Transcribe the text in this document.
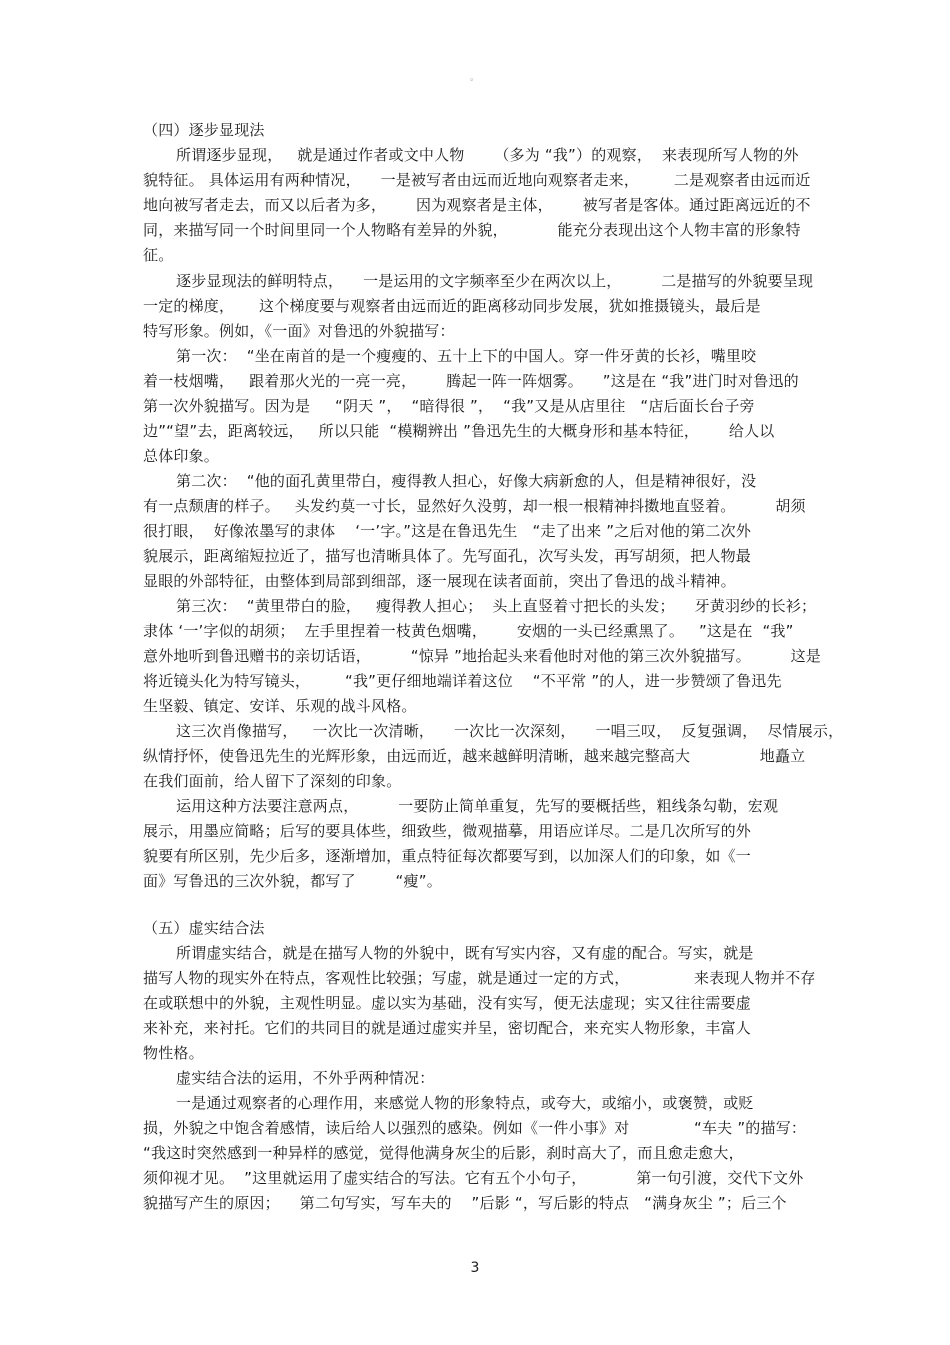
。
（四）逐步显现法
所谓逐步显现，   就是通过作者或文中人物      （多为 “我”）的观察，  来表现所写人物的外
貌特征。 具体运用有两种情况，    一是被写者由远而近地向观察者走来，       二是观察者由远而近
地向被写者走去，而又以后者为多，      因为观察者是主体，      被写者是客体。通过距离远近的不
同，来描写同一个时间里同一个人物略有差异的外貌，          能充分表现出这个人物丰富的形象特
征。
逐步显现法的鲜明特点，    一是运用的文字频率至少在两次以上，        二是描写的外貌要呈现
一定的梯度，     这个梯度要与观察者由远而近的距离移动同步发展，犹如推摄镜头，最后是
特写形象。例如，《一面》对鲁迅的外貌描写：
第一次：  “坐在南首的是一个瘦瘦的、五十上下的中国人。穿一件牙黄的长衫，嘴里咬
着一枝烟嘴，   跟着那火光的一亮一亮，      腾起一阵一阵烟雾。    ”这是在 “我”进门时对鲁迅的
第一次外貌描写。因为是     “阴天 ”，  “暗得很 ”，  “我”又是从店里往   “店后面长台子旁
边”“望”去，距离较远，   所以只能  “模糊辨出 ”鲁迅先生的大概身形和基本特征，      给人以
总体印象。
第二次：  “他的面孔黄里带白，瘦得教人担心，好像大病新愈的人，但是精神很好，没
有一点颓唐的样子。   头发约莫一寸长，显然好久没剪，却一根一根精神抖擞地直竖着。        胡须
很打眼，  好像浓墨写的隶体    ‘一’字。”这是在鲁迅先生   “走了出来 ”之后对他的第二次外
貌展示，距离缩短拉近了，描写也清晰具体了。先写面孔，次写头发，再写胡须，把人物最
显眼的外部特征，由整体到局部到细部，逐一展现在读者面前，突出了鲁迅的战斗精神。
第三次：  “黄里带白的脸，   瘦得教人担心；  头上直竖着寸把长的头发；    牙黄羽纱的长衫；
隶体 ‘一’字似的胡须；  左手里捏着一枝黄色烟嘴，      安烟的一头已经熏黑了。   ”这是在  “我”
意外地听到鲁迅赠书的亲切话语，        “惊异 ”地抬起头来看他时对他的第三次外貌描写。        这是
将近镜头化为特写镜头，       “我”更仔细地端详着这位    “不平常 ”的人，进一步赞颂了鲁迅先
生坚毅、镇定、安详、乐观的战斗风格。
这三次肖像描写，   一次比一次清晰，    一次比一次深刻，    一唱三叹，  反复强调，  尽情展示，
纵情抒怀，使鲁迅先生的光辉形象，由远而近，越来越鲜明清晰，越来越完整高大              地矗立
在我们面前，给人留下了深刻的印象。
运用这种方法要注意两点，        一要防止简单重复，先写的要概括些，粗线条勾勒，宏观
展示，用墨应简略；后写的要具体些，细致些，微观描摹，用语应详尽。二是几次所写的外
貌要有所区别，先少后多，逐渐增加，重点特征每次都要写到，以加深人们的印象，如《一
面》写鲁迅的三次外貌，都写了        “瘦”。
（五）虚实结合法
所谓虚实结合，就是在描写人物的外貌中，既有写实内容，又有虚的配合。写实，就是
描写人物的现实外在特点，客观性比较强；写虚，就是通过一定的方式，             来表现人物并不存
在或联想中的外貌，主观性明显。虚以实为基础，没有实写，便无法虚现；实又往往需要虚
来补充，来衬托。它们的共同目的就是通过虚实并呈，密切配合，来充实人物形象，丰富人
物性格。
虚实结合法的运用，不外乎两种情况：
一是通过观察者的心理作用，来感觉人物的形象特点，或夸大，或缩小，或褒赞，或贬
损，外貌之中饱含着感情，读后给人以强烈的感染。例如《一件小事》对             “车夫 ”的描写：
“我这时突然感到一种异样的感觉，觉得他满身灰尘的后影，刹时高大了，而且愈走愈大，
须仰视才见。  ”这里就运用了虚实结合的写法。它有五个小句子，          第一句引渡，交代下文外
貌描写产生的原因；    第二句写实，写车夫的    ”后影 “，写后影的特点   “满身灰尘 ”；后三个
3
